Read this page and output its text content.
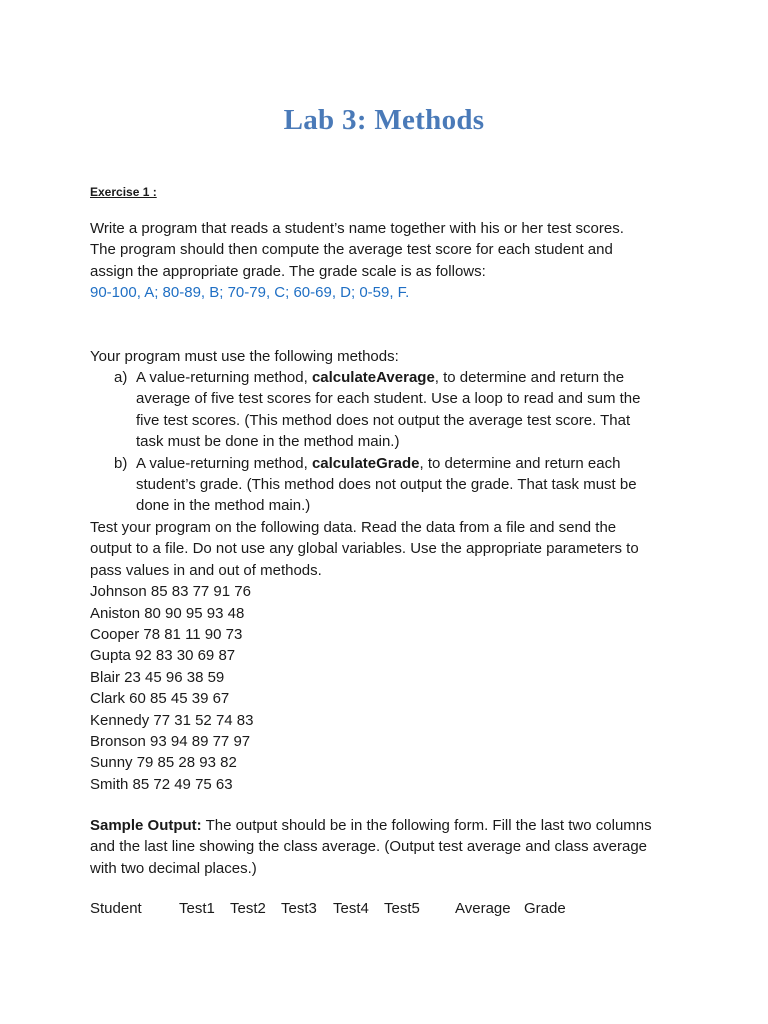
Lab 3: Methods

Exercise 1 :

Write a program that reads a student’s name together with his or her test scores.
The program should then compute the average test score for each student and
assign the appropriate grade. The grade scale is as follows:
90-100, A; 80-89, B; 70-79, C; 60-69, D; 0-59, F.
Your program must use the following methods:
a) A value-returning method, calculateAverage, to determine and return the
average of five test scores for each student. Use a loop to read and sum the
five test scores. (This method does not output the average test score. That
task must be done in the method main.)
b) A value-returning method, calculateGrade, to determine and return each
student’s grade. (This method does not output the grade. That task must be
done in the method main.)
Test your program on the following data. Read the data from a file and send the
output to a file. Do not use any global variables. Use the appropriate parameters to
pass values in and out of methods.
Johnson 85 83 77 91 76
Aniston 80 90 95 93 48
Cooper 78 81 11 90 73
Gupta 92 83 30 69 87
Blair 23 45 96 38 59
Clark 60 85 45 39 67
Kennedy 77 31 52 74 83
Bronson 93 94 89 77 97
Sunny 79 85 28 93 82
Smith 85 72 49 75 63
Sample Output: The output should be in the following form. Fill the last two columns
and the last line showing the class average. (Output test average and class average
with two decimal places.)
Student Test1 Test2 Test3 Test4 Test5 Average Grade
